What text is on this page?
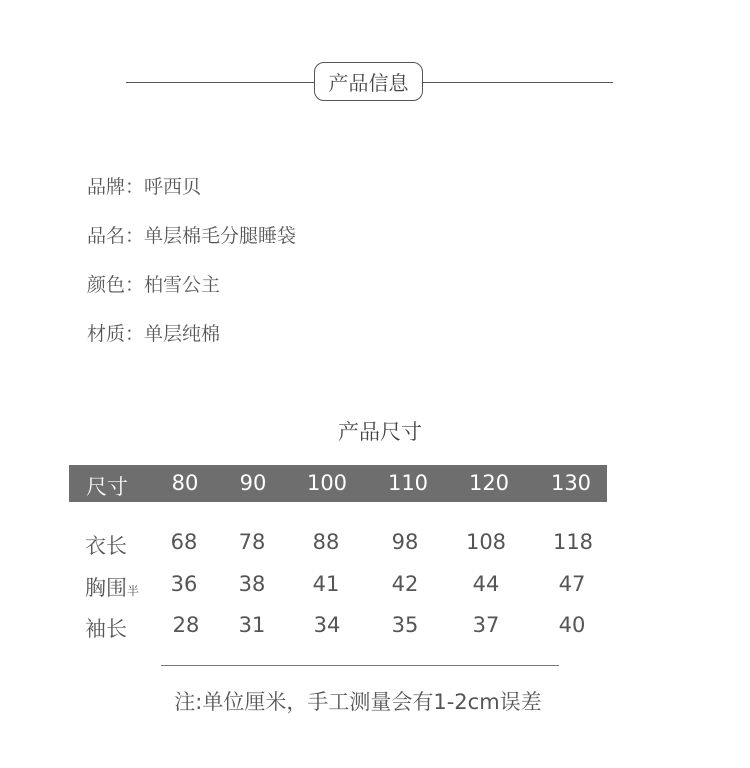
产品信息
品牌：呼西贝
品名：单层棉毛分腿睡袋
颜色：柏雪公主
材质：单层纯棉
产品尺寸
尺寸 80 90 100 110 120 130
衣长 68 78 88 98 108 118
胸围半 36 38 41 42	44	47
袖长 28 31 34 35	37	40
注:单位厘米，手工测量会有1-2cm误差
